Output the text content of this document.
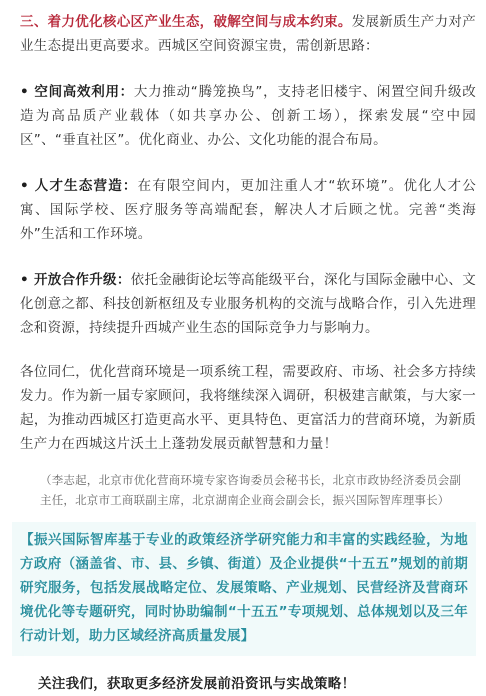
三、着力优化核心区产业生态，破解空间与成本约束。发展新质生产力对产业生态提出更高要求。西城区空间资源宝贵，需创新思路：

• 空间高效利用：大力推动“腾笼换鸟”，支持老旧楼宇、闲置空间升级改造为高品质产业载体（如共享办公、创新工场），探索发展“空中园区”、“垂直社区”。优化商业、办公、文化功能的混合布局。

• 人才生态营造：在有限空间内，更加注重人才“软环境”。优化人才公寓、国际学校、医疗服务等高端配套，解决人才后顾之忧。完善“类海外”生活和工作环境。

• 开放合作升级：依托金融街论坛等高能级平台，深化与国际金融中心、文化创意之都、科技创新枢纽及专业服务机构的交流与战略合作，引入先进理念和资源，持续提升西城产业生态的国际竞争力与影响力。

各位同仁，优化营商环境是一项系统工程，需要政府、市场、社会多方持续发力。作为新一届专家顾问，我将继续深入调研，积极建言献策，与大家一起，为推动西城区打造更高水平、更具特色、更富活力的营商环境，为新质生产力在西城这片沃土上蓬勃发展贡献智慧和力量！

（李志起，北京市优化营商环境专家咨询委员会秘书长，北京市政协经济委员会副主任，北京市工商联副主席，北京湖南企业商会副会长，振兴国际智库理事长）

【振兴国际智库基于专业的政策经济学研究能力和丰富的实践经验，为地方政府（涵盖省、市、县、乡镇、街道）及企业提供“十五五”规划的前期研究服务，包括发展战略定位、发展策略、产业规划、民营经济及营商环境优化等专题研究，同时协助编制“十五五”专项规划、总体规划以及三年行动计划，助力区域经济高质量发展】

关注我们，获取更多经济发展前沿资讯与实战策略！
